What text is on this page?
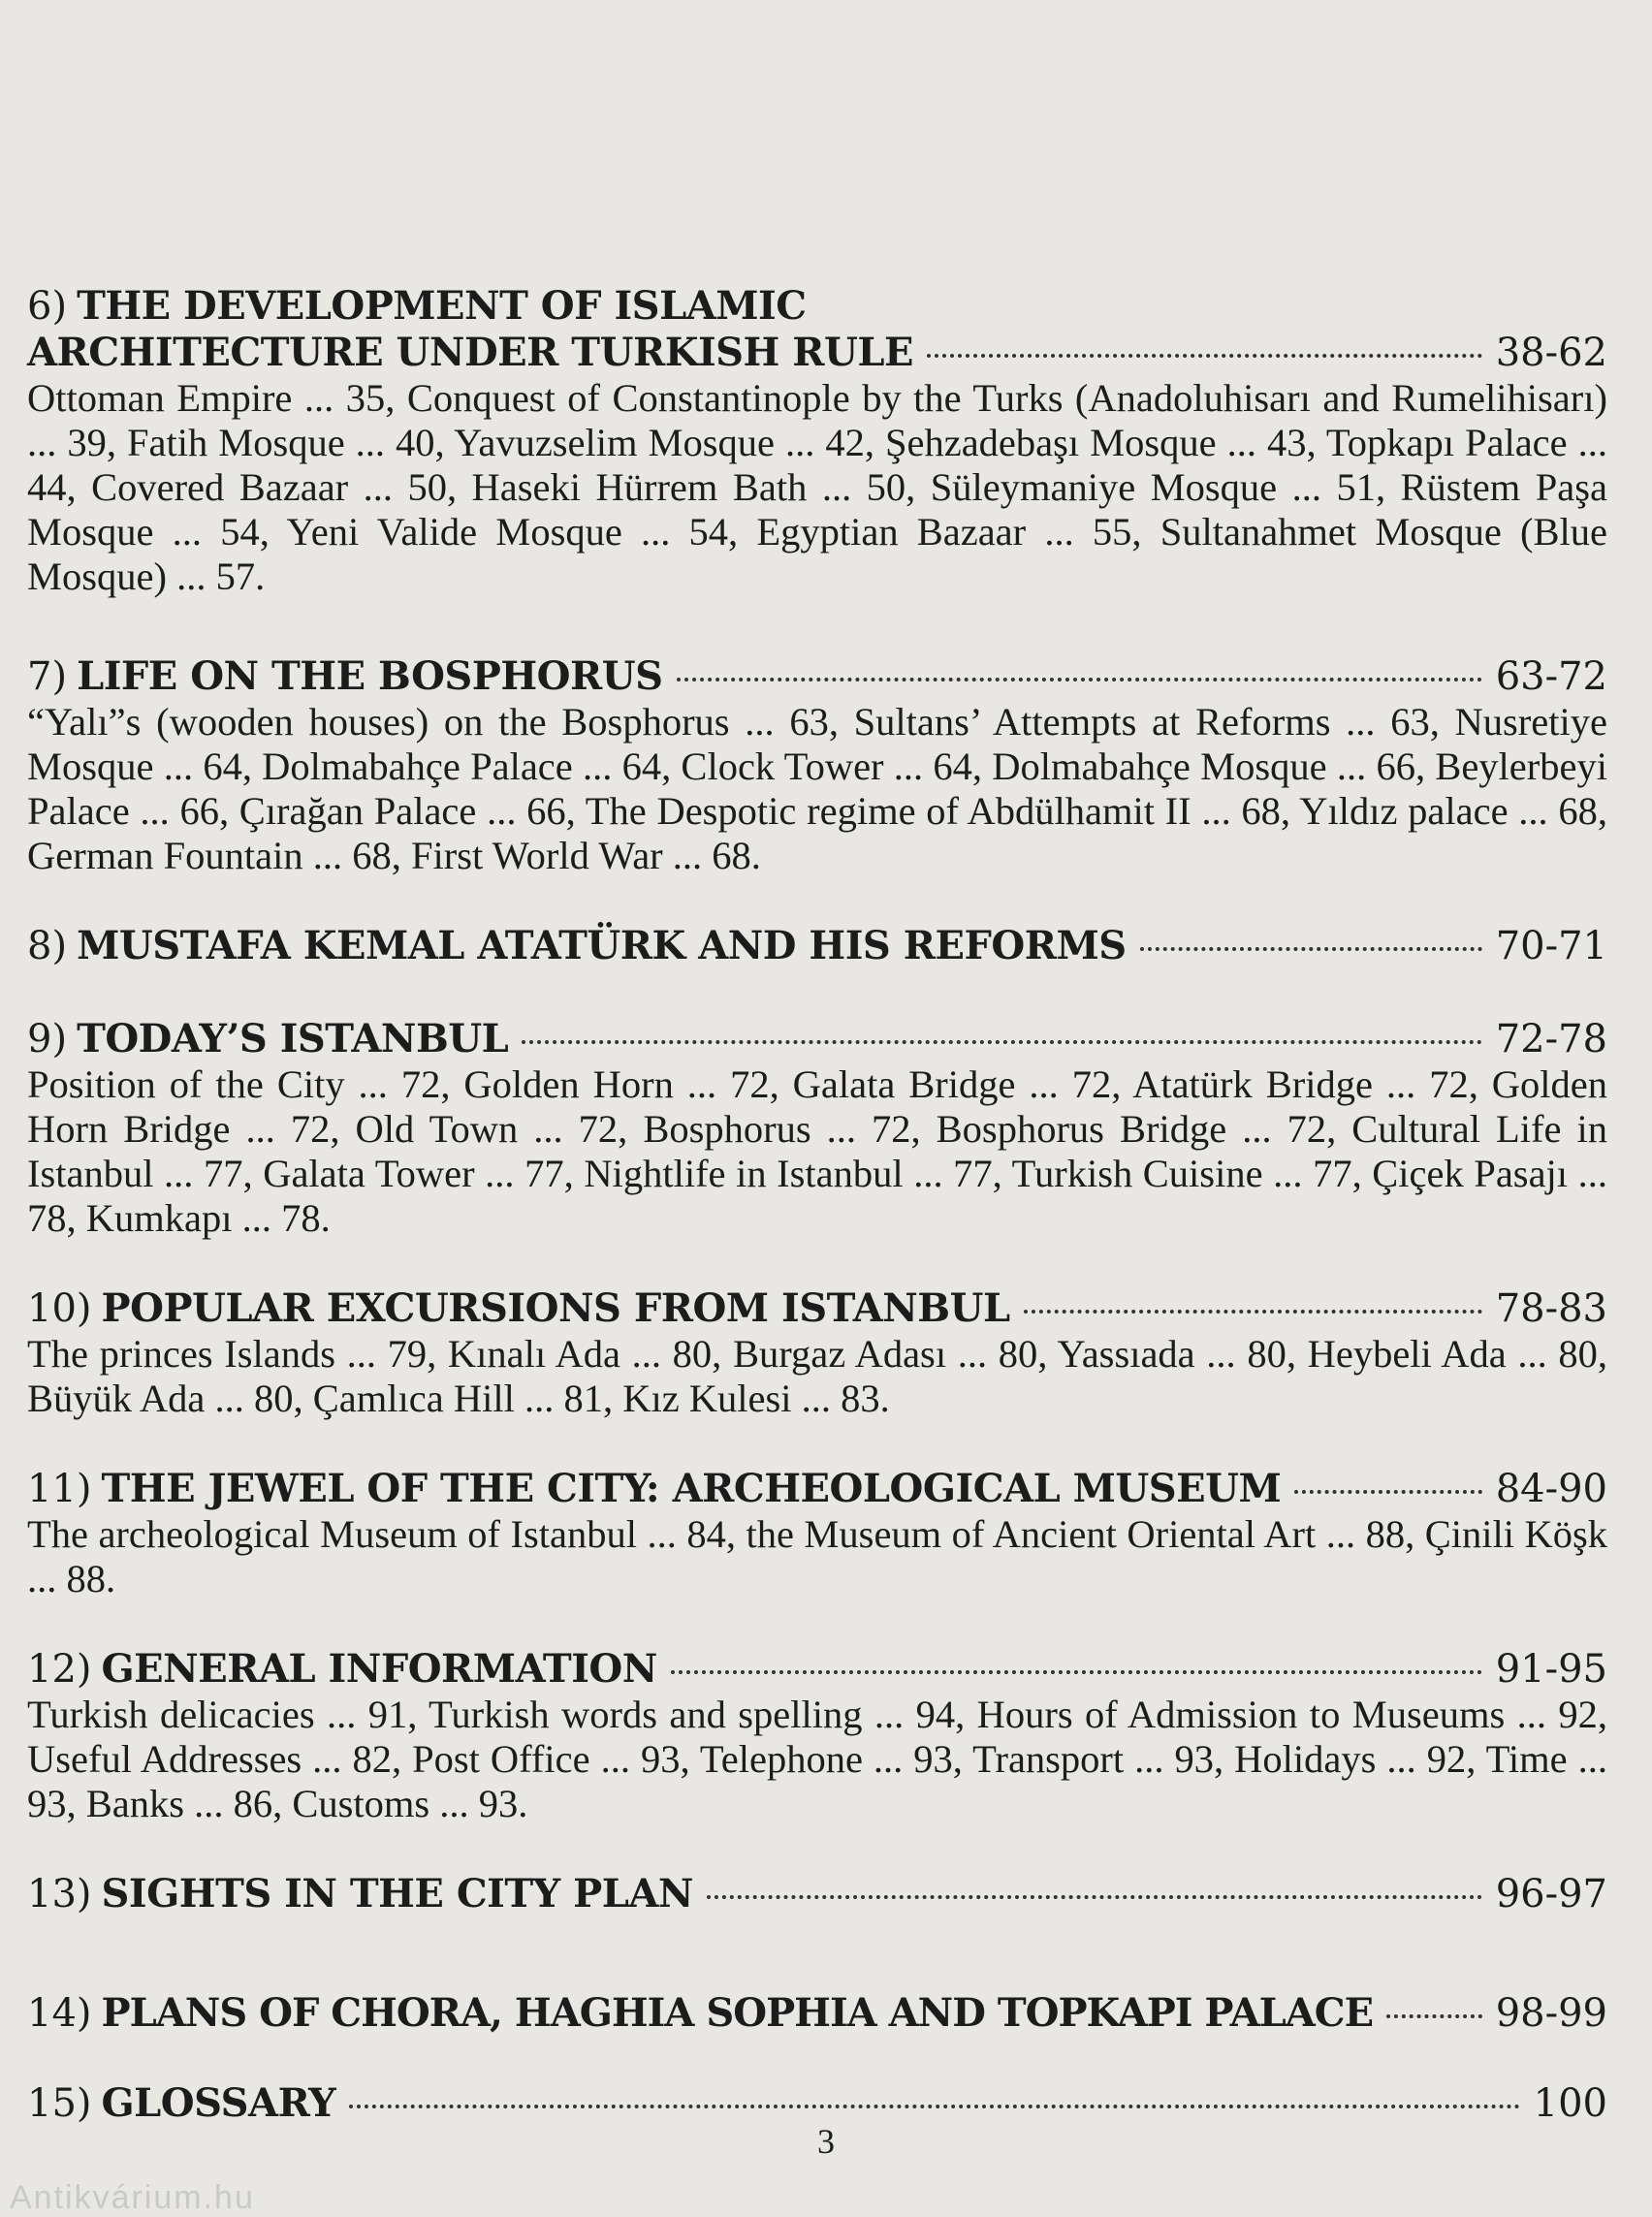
6) THE DEVELOPMENT OF ISLAMIC
ARCHITECTURE UNDER TURKISH RULE	38-62
Ottoman Empire ... 35, Conquest of Constantinople by the Turks (Anadoluhisarı and Rumelihisarı) ... 39, Fatih Mosque ... 40, Yavuzselim Mosque ... 42, Şehzadebaşı Mosque ... 43, Topkapı Palace ... 44, Covered Bazaar ... 50, Haseki Hürrem Bath ... 50, Süleymaniye Mosque ... 51, Rüstem Paşa Mosque ... 54, Yeni Valide Mosque ... 54, Egyptian Bazaar ... 55, Sultanahmet Mosque (Blue Mosque) ... 57.
7) LIFE ON THE BOSPHORUS	63-72
“Yalı”s (wooden houses) on the Bosphorus ... 63, Sultans’ Attempts at Reforms ... 63, Nusretiye Mosque ... 64, Dolmabahçe Palace ... 64, Clock Tower ... 64, Dolmabahçe Mosque ... 66, Beylerbeyi Palace ... 66, Çırağan Palace ... 66, The Despotic regime of Abdülhamit II ... 68, Yıldız palace ... 68, German Fountain ... 68, First World War ... 68.
8) MUSTAFA KEMAL ATATÜRK AND HIS REFORMS	70-71
9) TODAY’S ISTANBUL	72-78
Position of the City ... 72, Golden Horn ... 72, Galata Bridge ... 72, Atatürk Bridge ... 72, Golden Horn Bridge ... 72, Old Town ... 72, Bosphorus ... 72, Bosphorus Bridge ... 72, Cultural Life in Istanbul ... 77, Galata Tower ... 77, Nightlife in Istanbul ... 77, Turkish Cuisine ... 77, Çiçek Pasajı ... 78, Kumkapı ... 78.
10) POPULAR EXCURSIONS FROM ISTANBUL	78-83
The princes Islands ... 79, Kınalı Ada ... 80, Burgaz Adası ... 80, Yassıada ... 80, Heybeli Ada ... 80, Büyük Ada ... 80, Çamlıca Hill ... 81, Kız Kulesi ... 83.
11) THE JEWEL OF THE CITY: ARCHEOLOGICAL MUSEUM	84-90
The archeological Museum of Istanbul ... 84, the Museum of Ancient Oriental Art ... 88, Çinili Köşk ... 88.
12) GENERAL INFORMATION	91-95
Turkish delicacies ... 91, Turkish words and spelling ... 94, Hours of Admission to Museums ... 92, Useful Addresses ... 82, Post Office ... 93, Telephone ... 93, Transport ... 93, Holidays ... 92, Time ... 93, Banks ... 86, Customs ... 93.
13) SIGHTS IN THE CITY PLAN	96-97
14) PLANS OF CHORA, HAGHIA SOPHIA AND TOPKAPI PALACE	98-99
15) GLOSSARY	100
3
Antikvárium.hu
